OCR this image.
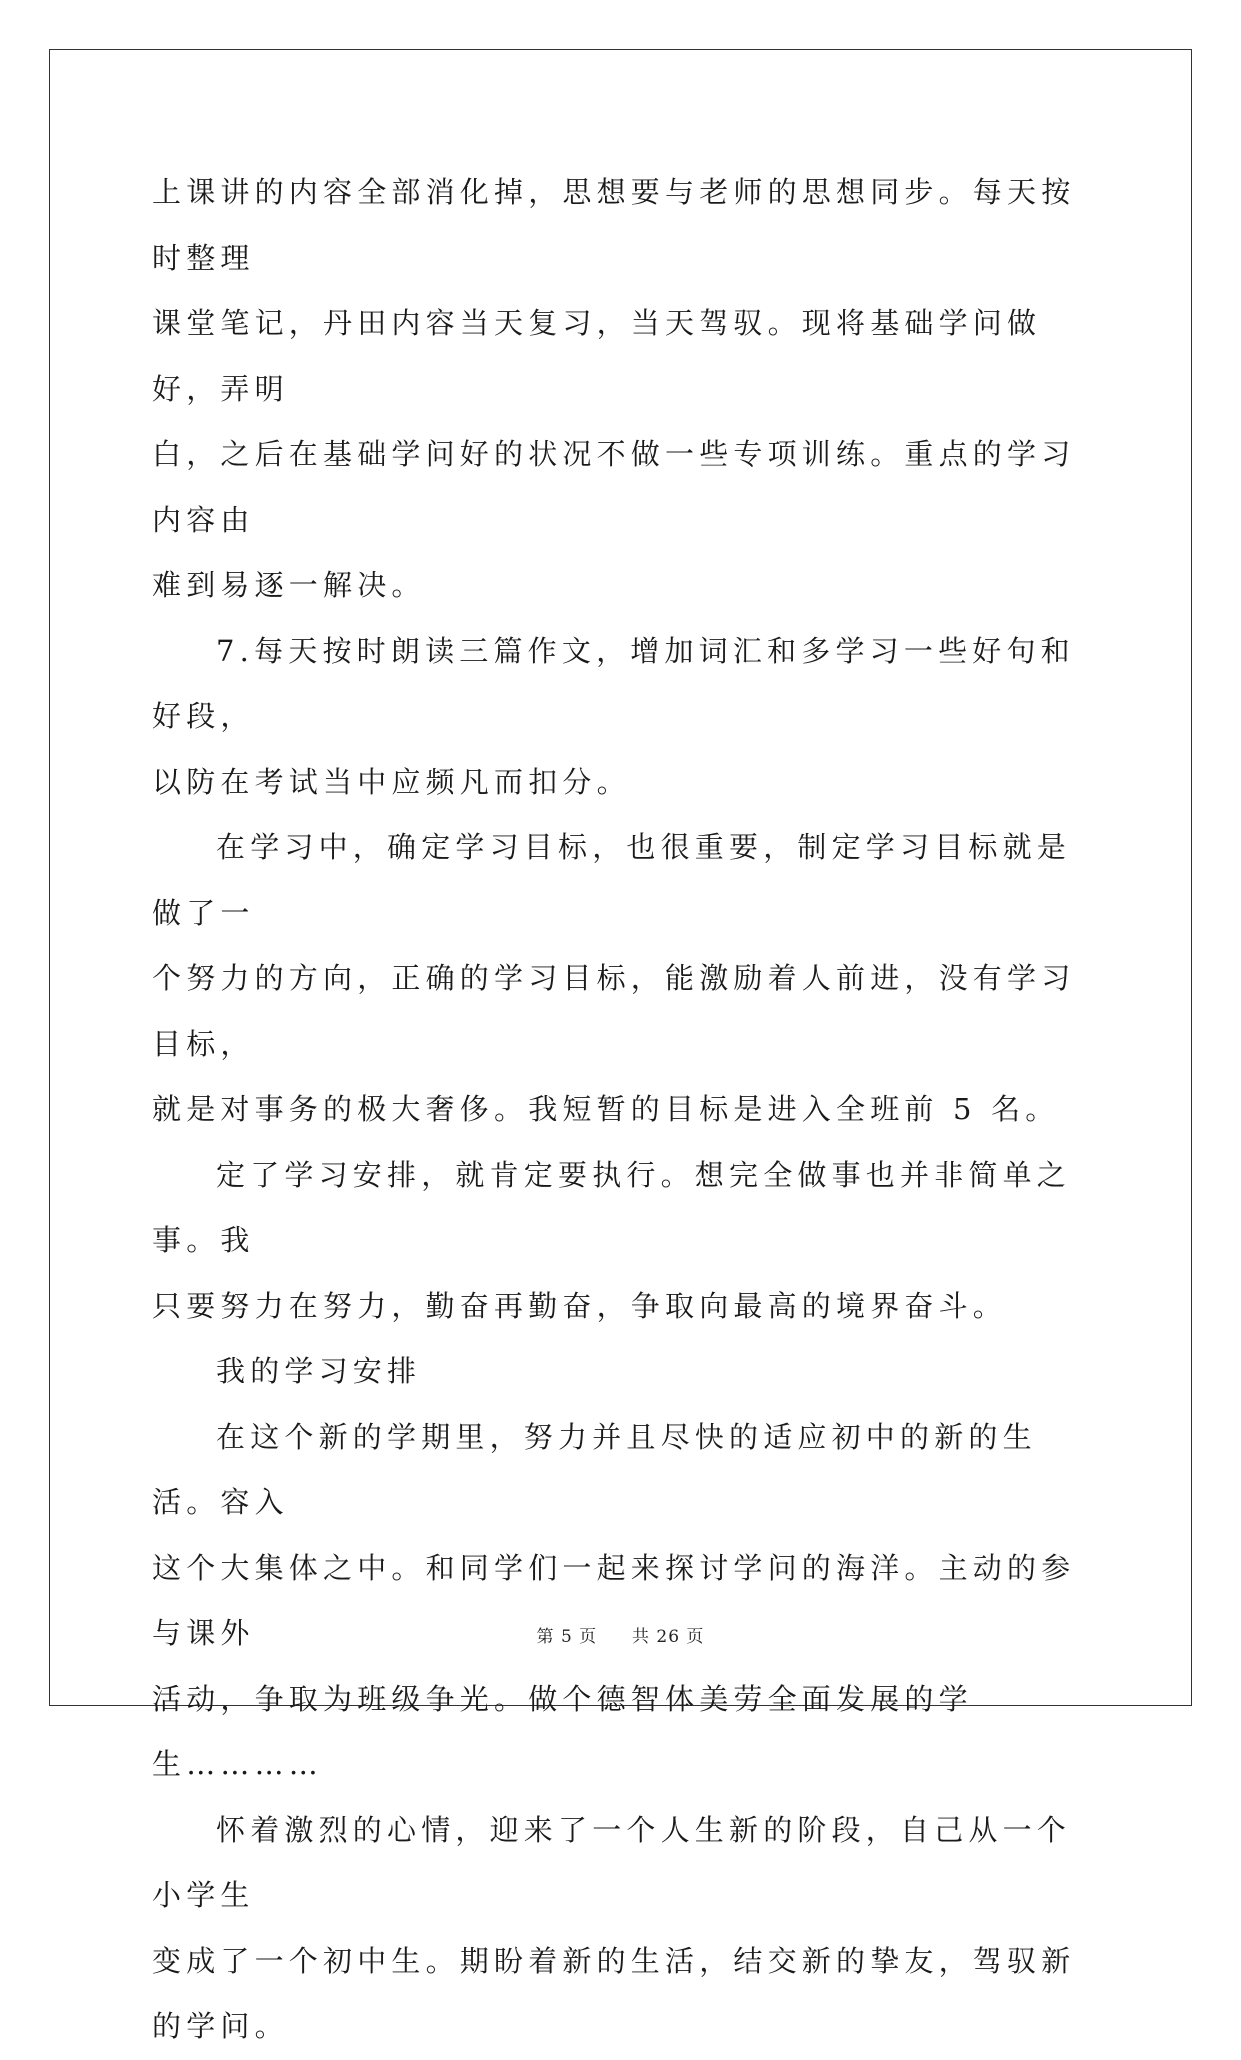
上课讲的内容全部消化掉，思想要与老师的思想同步。每天按时整理
课堂笔记，丹田内容当天复习，当天驾驭。现将基础学问做好，弄明
白，之后在基础学问好的状况不做一些专项训练。重点的学习内容由
难到易逐一解决。

7.每天按时朗读三篇作文，增加词汇和多学习一些好句和好段，
以防在考试当中应频凡而扣分。

在学习中，确定学习目标，也很重要，制定学习目标就是做了一
个努力的方向，正确的学习目标，能激励着人前进，没有学习目标，
就是对事务的极大奢侈。我短暂的目标是进入全班前 5 名。

定了学习安排，就肯定要执行。想完全做事也并非简单之事。我
只要努力在努力，勤奋再勤奋，争取向最高的境界奋斗。

我的学习安排

在这个新的学期里，努力并且尽快的适应初中的新的生活。容入
这个大集体之中。和同学们一起来探讨学问的海洋。主动的参与课外
活动，争取为班级争光。做个德智体美劳全面发展的学生…………

怀着激烈的心情，迎来了一个人生新的阶段，自己从一个小学生
变成了一个初中生。期盼着新的生活，结交新的挚友，驾驭新的学问。

第 5 页 共 26 页
